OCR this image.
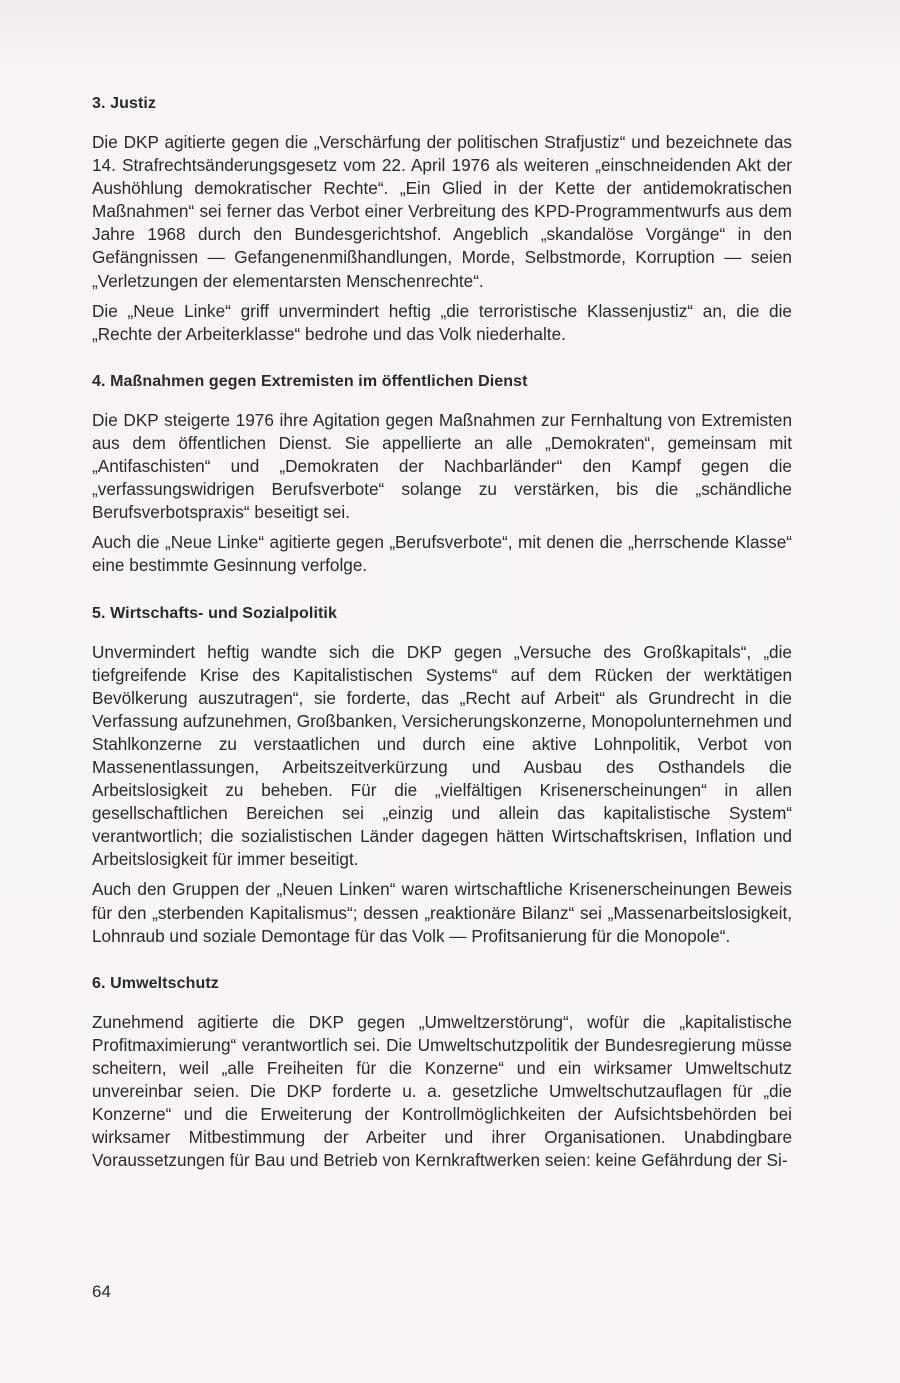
3. Justiz

Die DKP agitierte gegen die „Verschärfung der politischen Strafjustiz“ und bezeichnete das 14. Strafrechtsänderungsgesetz vom 22. April 1976 als weiteren „einschneidenden Akt der Aushöhlung demokratischer Rechte“. „Ein Glied in der Kette der antidemokratischen Maßnahmen“ sei ferner das Verbot einer Verbreitung des KPD-Programmentwurfs aus dem Jahre 1968 durch den Bundesgerichtshof. Angeblich „skandalöse Vorgänge“ in den Gefängnissen — Gefangenenmißhandlungen, Morde, Selbstmorde, Korruption — seien „Verletzungen der elementarsten Menschenrechte“.

Die „Neue Linke“ griff unvermindert heftig „die terroristische Klassenjustiz“ an, die die „Rechte der Arbeiterklasse“ bedrohe und das Volk niederhalte.

4. Maßnahmen gegen Extremisten im öffentlichen Dienst

Die DKP steigerte 1976 ihre Agitation gegen Maßnahmen zur Fernhaltung von Extremisten aus dem öffentlichen Dienst. Sie appellierte an alle „Demokraten“, gemeinsam mit „Antifaschisten“ und „Demokraten der Nachbarländer“ den Kampf gegen die „verfassungswidrigen Berufsverbote“ solange zu verstärken, bis die „schändliche Berufsverbotspraxis“ beseitigt sei.

Auch die „Neue Linke“ agitierte gegen „Berufsverbote“, mit denen die „herrschende Klasse“ eine bestimmte Gesinnung verfolge.

5. Wirtschafts- und Sozialpolitik

Unvermindert heftig wandte sich die DKP gegen „Versuche des Großkapitals“, „die tiefgreifende Krise des Kapitalistischen Systems“ auf dem Rücken der werktätigen Bevölkerung auszutragen“, sie forderte, das „Recht auf Arbeit“ als Grundrecht in die Verfassung aufzunehmen, Großbanken, Versicherungskonzerne, Monopolunternehmen und Stahlkonzerne zu verstaatlichen und durch eine aktive Lohnpolitik, Verbot von Massenentlassungen, Arbeitszeitverkürzung und Ausbau des Osthandels die Arbeitslosigkeit zu beheben. Für die „vielfältigen Krisenerscheinungen“ in allen gesellschaftlichen Bereichen sei „einzig und allein das kapitalistische System“ verantwortlich; die sozialistischen Länder dagegen hätten Wirtschaftskrisen, Inflation und Arbeitslosigkeit für immer beseitigt.

Auch den Gruppen der „Neuen Linken“ waren wirtschaftliche Krisenerscheinungen Beweis für den „sterbenden Kapitalismus“; dessen „reaktionäre Bilanz“ sei „Massenarbeitslosigkeit, Lohnraub und soziale Demontage für das Volk — Profitsanierung für die Monopole“.

6. Umweltschutz

Zunehmend agitierte die DKP gegen „Umweltzerstörung“, wofür die „kapitalistische Profitmaximierung“ verantwortlich sei. Die Umweltschutzpolitik der Bundesregierung müsse scheitern, weil „alle Freiheiten für die Konzerne“ und ein wirksamer Umweltschutz unvereinbar seien. Die DKP forderte u. a. gesetzliche Umweltschutzauflagen für „die Konzerne“ und die Erweiterung der Kontrollmöglichkeiten der Aufsichtsbehörden bei wirksamer Mitbestimmung der Arbeiter und ihrer Organisationen. Unabdingbare Voraussetzungen für Bau und Betrieb von Kernkraftwerken seien: keine Gefährdung der Si-

64
